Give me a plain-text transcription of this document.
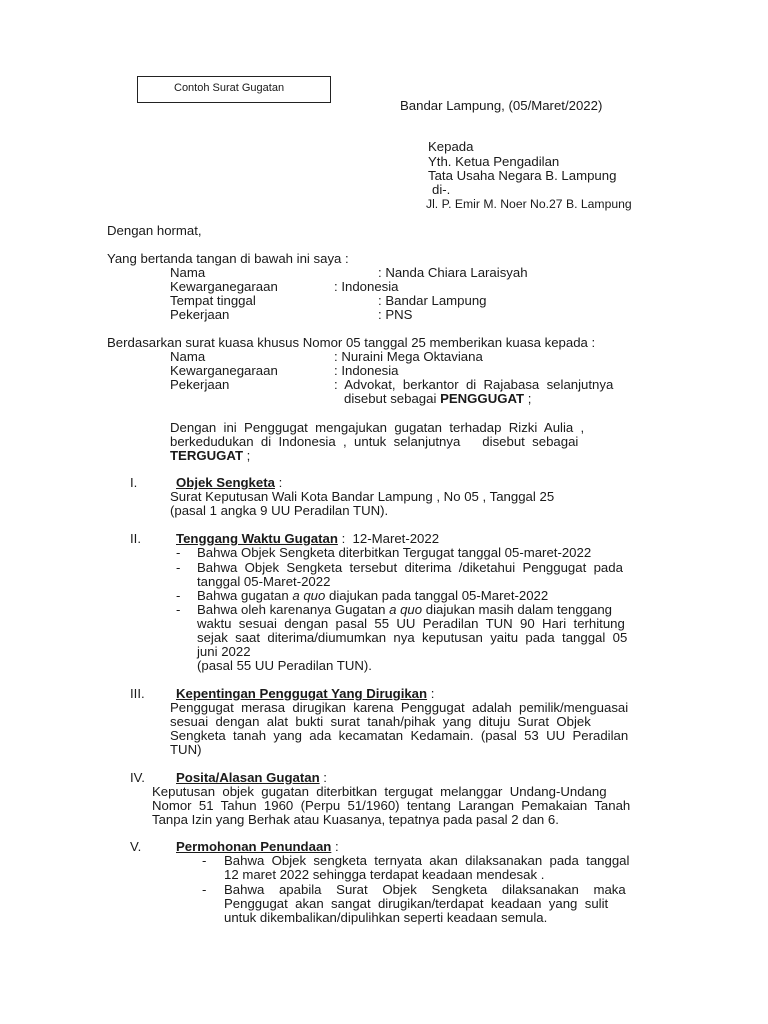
Contoh Surat Gugatan
Bandar Lampung, (05/Maret/2022)
Kepada
Yth. Ketua Pengadilan
Tata Usaha Negara B. Lampung
di-.
Jl. P. Emir M. Noer No.27 B. Lampung
Dengan hormat,
Yang bertanda tangan di bawah ini saya :
Nama	: Nanda Chiara Laraisyah
Kewarganegaraan	: Indonesia
Tempat tinggal	: Bandar Lampung
Pekerjaan	: PNS
Berdasarkan surat kuasa khusus Nomor 05 tanggal 25 memberikan kuasa kepada :
Nama	: Nuraini Mega Oktaviana
Kewarganegaraan	: Indonesia
Pekerjaan	:  Advokat,  berkantor  di  Rajabasa  selanjutnya
disebut sebagai PENGGUGAT ;
Dengan  ini  Penggugat  mengajukan  gugatan  terhadap  Rizki  Aulia  ,
berkedudukan  di  Indonesia  ,  untuk  selanjutnya      disebut  sebagai
TERGUGAT ;
I.	Objek Sengketa :
Surat Keputusan Wali Kota Bandar Lampung , No 05 , Tanggal 25
(pasal 1 angka 9 UU Peradilan TUN).
II.	Tenggang Waktu Gugatan :  12-Maret-2022
- Bahwa Objek Sengketa diterbitkan Tergugat tanggal 05-maret-2022
- Bahwa  Objek  Sengketa  tersebut  diterima  /diketahui  Penggugat  pada
tanggal 05-Maret-2022
- Bahwa gugatan a quo diajukan pada tanggal 05-Maret-2022
- Bahwa oleh karenanya Gugatan a quo diajukan masih dalam tenggang
waktu  sesuai  dengan  pasal  55  UU  Peradilan  TUN  90  Hari  terhitung
sejak  saat  diterima/diumumkan  nya  keputusan  yaitu  pada  tanggal  05
juni 2022
(pasal 55 UU Peradilan TUN).
III. Kepentingan Penggugat Yang Dirugikan :
Penggugat  merasa  dirugikan  karena  Penggugat  adalah  pemilik/menguasai
sesuai  dengan  alat  bukti  surat  tanah/pihak  yang  dituju  Surat  Objek
Sengketa  tanah  yang  ada  kecamatan  Kedamain.  (pasal  53  UU  Peradilan
TUN)
IV. Posita/Alasan Gugatan :
Keputusan  objek  gugatan  diterbitkan  tergugat  melanggar  Undang-Undang
Nomor  51  Tahun  1960  (Perpu  51/1960)  tentang  Larangan  Pemakaian  Tanah
Tanpa Izin yang Berhak atau Kuasanya, tepatnya pada pasal 2 dan 6.
V.	Permohonan Penundaan :
- Bahwa  Objek  sengketa  ternyata  akan  dilaksanakan  pada  tanggal
12 maret 2022 sehingga terdapat keadaan mendesak .
- Bahwa    apabila    Surat    Objek    Sengketa    dilaksanakan    maka
Penggugat  akan  sangat  dirugikan/terdapat  keadaan  yang  sulit
untuk dikembalikan/dipulihkan seperti keadaan semula.
